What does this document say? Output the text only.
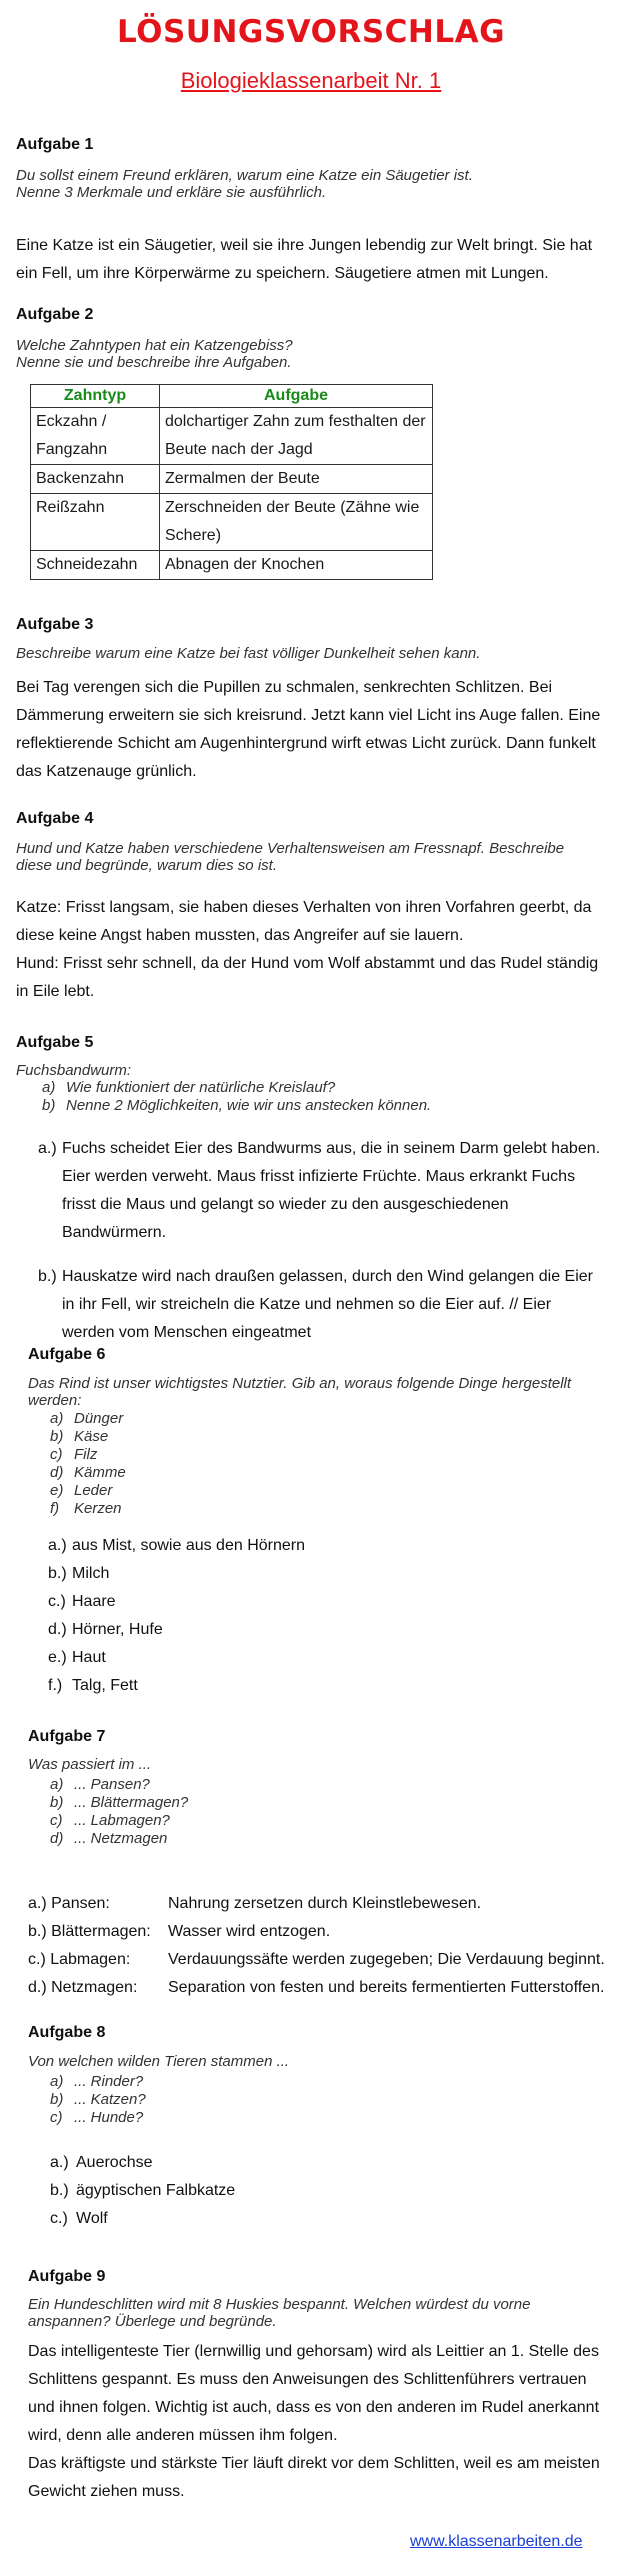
LÖSUNGSVORSCHLAG
Biologieklassenarbeit Nr. 1
Aufgabe 1
Du sollst einem Freund erklären, warum eine Katze ein Säugetier ist.
Nenne 3 Merkmale und erkläre sie ausführlich.
Eine Katze ist ein Säugetier, weil sie ihre Jungen lebendig zur Welt bringt. Sie hat ein Fell, um ihre Körperwärme zu speichern. Säugetiere atmen mit Lungen.
Aufgabe 2
Welche Zahntypen hat ein Katzengebiss?
Nenne sie und beschreibe ihre Aufgaben.
Zahntyp	Aufgabe
Eckzahn / Fangzahn	dolchartiger Zahn zum festhalten der Beute nach der Jagd
Backenzahn	Zermalmen der Beute
Reißzahn	Zerschneiden der Beute (Zähne wie Schere)
Schneidezahn	Abnagen der Knochen
Aufgabe 3
Beschreibe warum eine Katze bei fast völliger Dunkelheit sehen kann.
Bei Tag verengen sich die Pupillen zu schmalen, senkrechten Schlitzen. Bei Dämmerung erweitern sie sich kreisrund. Jetzt kann viel Licht ins Auge fallen. Eine reflektierende Schicht am Augenhintergrund wirft etwas Licht zurück. Dann funkelt das Katzenauge grünlich.
Aufgabe 4
Hund und Katze haben verschiedene Verhaltensweisen am Fressnapf. Beschreibe diese und begründe, warum dies so ist.
Katze: Frisst langsam, sie haben dieses Verhalten von ihren Vorfahren geerbt, da diese keine Angst haben mussten, das Angreifer auf sie lauern.
Hund: Frisst sehr schnell, da der Hund vom Wolf abstammt und das Rudel ständig in Eile lebt.
Aufgabe 5
Fuchsbandwurm:
a) Wie funktioniert der natürliche Kreislauf?
b) Nenne 2 Möglichkeiten, wie wir uns anstecken können.
a.) Fuchs scheidet Eier des Bandwurms aus, die in seinem Darm gelebt haben. Eier werden verweht. Maus frisst infizierte Früchte. Maus erkrankt Fuchs frisst die Maus und gelangt so wieder zu den ausgeschiedenen Bandwürmern.
b.) Hauskatze wird nach draußen gelassen, durch den Wind gelangen die Eier in ihr Fell, wir streicheln die Katze und nehmen so die Eier auf. // Eier werden vom Menschen eingeatmet
Aufgabe 6
Das Rind ist unser wichtigstes Nutztier. Gib an, woraus folgende Dinge hergestellt werden:
a) Dünger
b) Käse
c) Filz
d) Kämme
e) Leder
f) Kerzen
a.) aus Mist, sowie aus den Hörnern
b.) Milch
c.) Haare
d.) Hörner, Hufe
e.) Haut
f.) Talg, Fett
Aufgabe 7
Was passiert im ...
a) ... Pansen?
b) ... Blättermagen?
c) ... Labmagen?
d) ... Netzmagen
a.) Pansen:	Nahrung zersetzen durch Kleinstlebewesen.
b.) Blättermagen: Wasser wird entzogen.
c.) Labmagen: Verdauungssäfte werden zugegeben; Die Verdauung beginnt.
d.) Netzmagen: Separation von festen und bereits fermentierten Futterstoffen.
Aufgabe 8
Von welchen wilden Tieren stammen ...
a) ... Rinder?
b) ... Katzen?
c) ... Hunde?
a.) Auerochse
b.) ägyptischen Falbkatze
c.) Wolf
Aufgabe 9
Ein Hundeschlitten wird mit 8 Huskies bespannt. Welchen würdest du vorne anspannen? Überlege und begründe.
Das intelligenteste Tier (lernwillig und gehorsam) wird als Leittier an 1. Stelle des Schlittens gespannt. Es muss den Anweisungen des Schlittenführers vertrauen und ihnen folgen. Wichtig ist auch, dass es von den anderen im Rudel anerkannt wird, denn alle anderen müssen ihm folgen.
Das kräftigste und stärkste Tier läuft direkt vor dem Schlitten, weil es am meisten Gewicht ziehen muss.
www.klassenarbeiten.de
